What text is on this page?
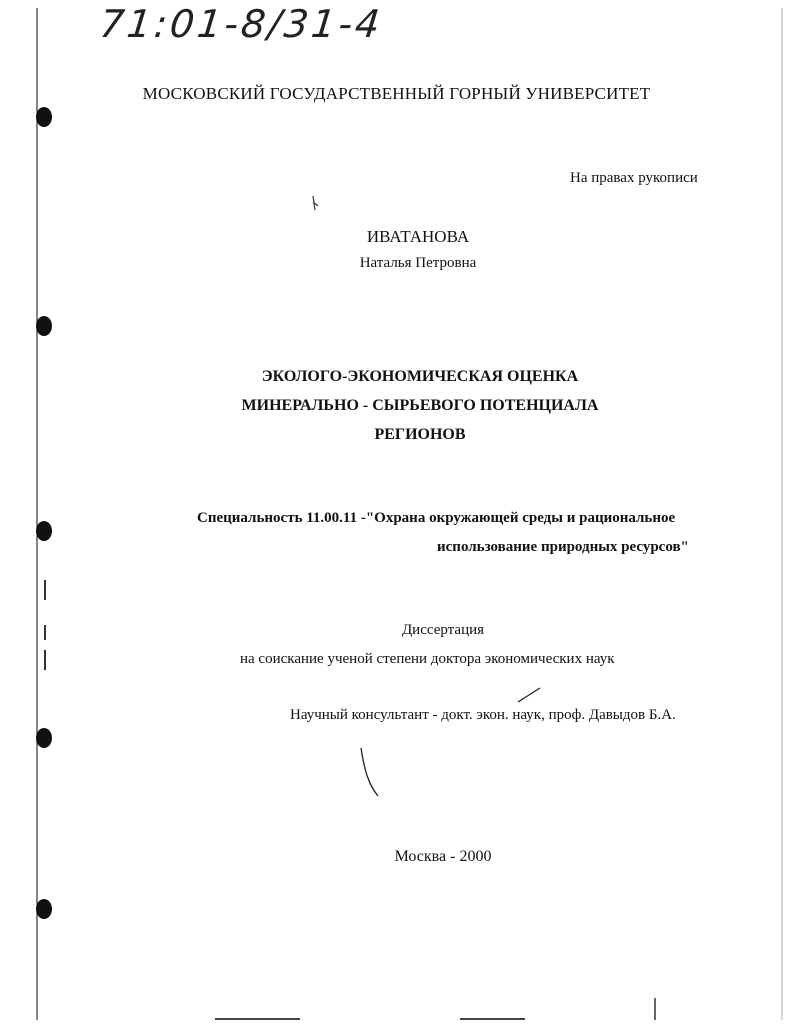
71:01-8/31-4
МОСКОВСКИЙ ГОСУДАРСТВЕННЫЙ ГОРНЫЙ УНИВЕРСИТЕТ
На правах рукописи
ИВАТАНОВА
Наталья Петровна
ЭКОЛОГО-ЭКОНОМИЧЕСКАЯ ОЦЕНКА
МИНЕРАЛЬНО - СЫРЬЕВОГО ПОТЕНЦИАЛА
РЕГИОНОВ
Специальность 11.00.11 -"Охрана окружающей среды и рациональное
использование природных ресурсов"
Диссертация
на соискание ученой степени доктора экономических наук
Научный консультант - докт. экон. наук, проф. Давыдов Б.А.
Москва - 2000
